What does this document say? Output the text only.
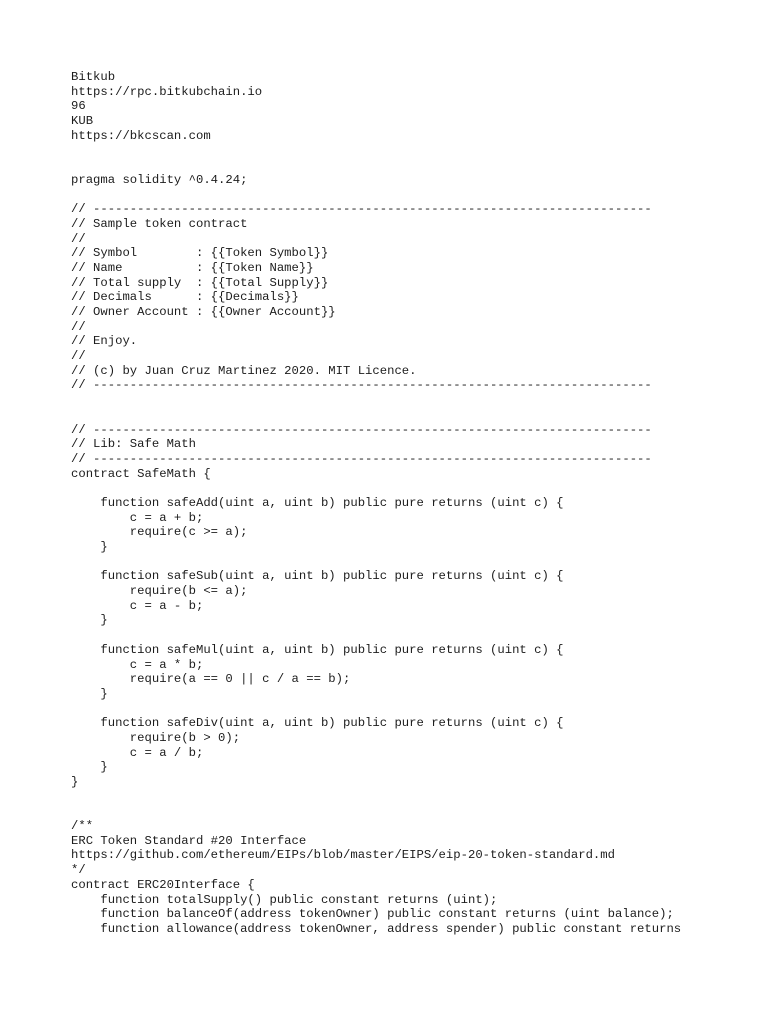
Bitkub
https://rpc.bitkubchain.io
96
KUB
https://bkcscan.com
pragma solidity ^0.4.24;
// ----------------------------------------------------------------------------
// Sample token contract
//
// Symbol        : {{Token Symbol}}
// Name          : {{Token Name}}
// Total supply  : {{Total Supply}}
// Decimals      : {{Decimals}}
// Owner Account : {{Owner Account}}
//
// Enjoy.
//
// (c) by Juan Cruz Martinez 2020. MIT Licence.
// ----------------------------------------------------------------------------
// ----------------------------------------------------------------------------
// Lib: Safe Math
// ----------------------------------------------------------------------------
contract SafeMath {
function safeAdd(uint a, uint b) public pure returns (uint c) {
c = a + b;
require(c >= a);
}
function safeSub(uint a, uint b) public pure returns (uint c) {
require(b <= a);
c = a - b;
}
function safeMul(uint a, uint b) public pure returns (uint c) {
c = a * b;
require(a == 0 || c / a == b);
}
function safeDiv(uint a, uint b) public pure returns (uint c) {
require(b > 0);
c = a / b;
}
}
/**
ERC Token Standard #20 Interface
https://github.com/ethereum/EIPs/blob/master/EIPS/eip-20-token-standard.md
*/
contract ERC20Interface {
function totalSupply() public constant returns (uint);
function balanceOf(address tokenOwner) public constant returns (uint balance);
function allowance(address tokenOwner, address spender) public constant returns
